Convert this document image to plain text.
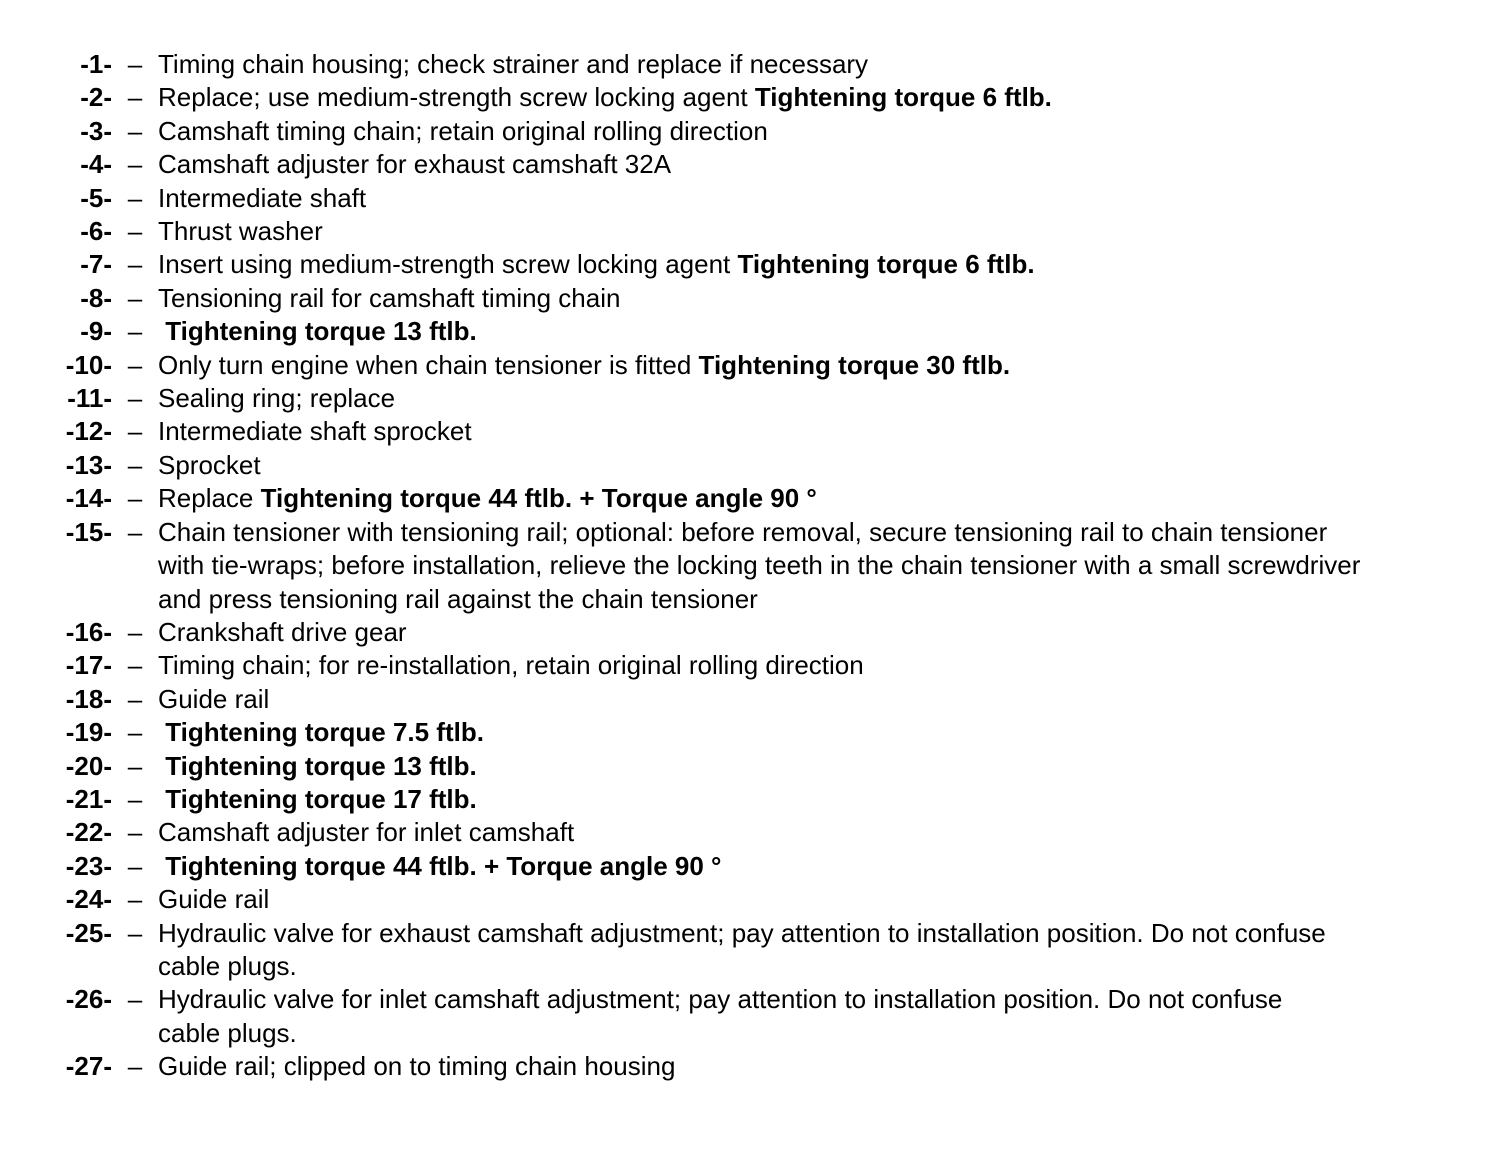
-1- – Timing chain housing; check strainer and replace if necessary
-2- – Replace; use medium-strength screw locking agent Tightening torque 6 ftlb.
-3- – Camshaft timing chain; retain original rolling direction
-4- – Camshaft adjuster for exhaust camshaft 32A
-5- – Intermediate shaft
-6- – Thrust washer
-7- – Insert using medium-strength screw locking agent Tightening torque 6 ftlb.
-8- – Tensioning rail for camshaft timing chain
-9- – Tightening torque 13 ftlb.
-10- – Only turn engine when chain tensioner is fitted Tightening torque 30 ftlb.
-11- – Sealing ring; replace
-12- – Intermediate shaft sprocket
-13- – Sprocket
-14- – Replace Tightening torque 44 ftlb. + Torque angle 90 °
-15- – Chain tensioner with tensioning rail; optional: before removal, secure tensioning rail to chain tensioner
with tie-wraps; before installation, relieve the locking teeth in the chain tensioner with a small screwdriver
and press tensioning rail against the chain tensioner
-16- – Crankshaft drive gear
-17- – Timing chain; for re-installation, retain original rolling direction
-18- – Guide rail
-19- – Tightening torque 7.5 ftlb.
-20- – Tightening torque 13 ftlb.
-21- – Tightening torque 17 ftlb.
-22- – Camshaft adjuster for inlet camshaft
-23- – Tightening torque 44 ftlb. + Torque angle 90 °
-24- – Guide rail
-25- – Hydraulic valve for exhaust camshaft adjustment; pay attention to installation position. Do not confuse
cable plugs.
-26- – Hydraulic valve for inlet camshaft adjustment; pay attention to installation position. Do not confuse
cable plugs.
-27- – Guide rail; clipped on to timing chain housing
